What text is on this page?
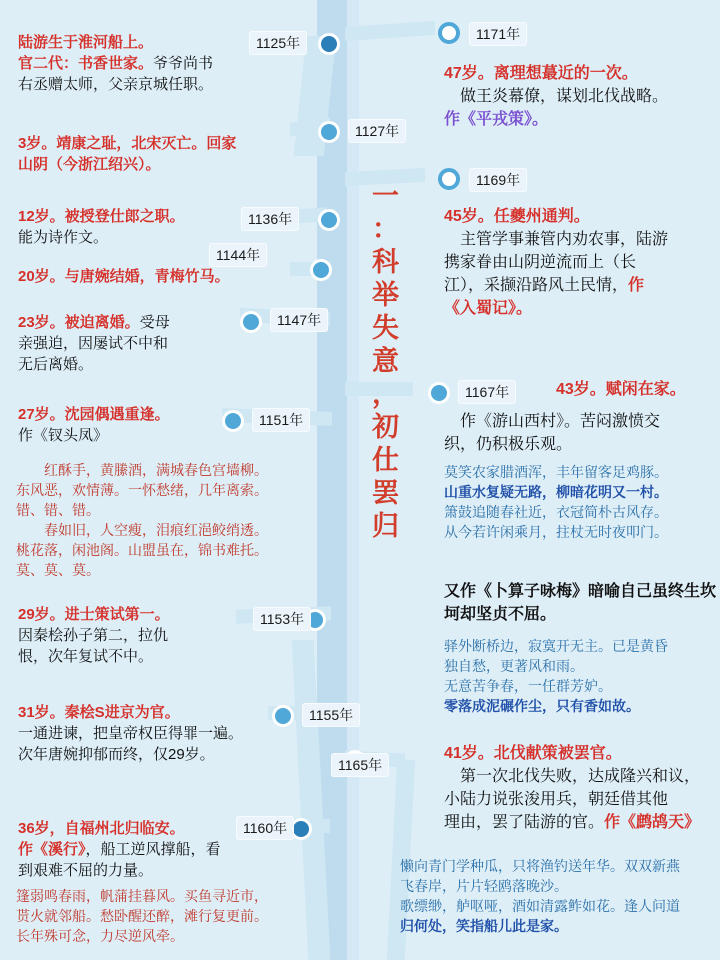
一
：
科
举
失
意
，
初
仕
罢
归
1125年
1127年
1136年
1144年
1147年
1151年
1153年
1155年
1160年
1171年
1169年
1167年
1165年

陆游生于淮河船上。

官二代：书香世家。爷爷尚书

右丞赠太师，父亲京城任职。

3岁。靖康之耻，北宋灭亡。回家

山阴（今浙江绍兴）。

12岁。被授登仕郎之职。

能为诗作文。

20岁。与唐婉结婚，青梅竹马。

23岁。被迫离婚。受母

亲强迫，因屡试不中和

无后离婚。

27岁。沈园偶遇重逢。

作《钗头凤》

红酥手，黄縢酒，满城春色宫墙柳。

东风恶，欢情薄。一怀愁绪，几年离索。

错、错、错。

春如旧，人空瘦，泪痕红浥鲛绡透。

桃花落，闲池阁。山盟虽在，锦书难托。

莫、莫、莫。

29岁。进士策试第一。

因秦桧孙子第二，拉仇

恨，次年复试不中。

31岁。秦桧S进京为官。

一通进谏，把皇帝权臣得罪一遍。

次年唐婉抑郁而终，仅29岁。

36岁，自福州北归临安。

作《溪行》，船工逆风撑船，看

到艰难不屈的力量。

篷弱鸣春雨，帆蒲挂暮风。买鱼寻近市，

贳火就邻船。愁卧醒还醉，滩行复更前。

长年殊可念，力尽逆风牵。

47岁。离理想蕞近的一次。

做王炎幕僚，谋划北伐战略。

作《平戎策》。

45岁。任夔州通判。

主管学事兼管内劝农事，陆游

携家眷由山阴逆流而上（长

江），采撷沿路风土民情，作

《入蜀记》。

43岁。赋闲在家。

作《游山西村》。苦闷激愤交

织，仍积极乐观。

莫笑农家腊酒浑，丰年留客足鸡豚。

山重水复疑无路，柳暗花明又一村。

箫鼓追随春社近，衣冠简朴古风存。

从今若许闲乘月，拄杖无时夜叩门。

又作《卜算子咏梅》暗喻自己虽终生坎坷却坚贞不屈。

驿外断桥边，寂寞开无主。已是黄昏

独自愁，更著风和雨。

无意苦争春，一任群芳妒。

零落成泥碾作尘，只有香如故。

41岁。北伐献策被罢官。

第一次北伐失败，达成隆兴和议，

小陆力说张浚用兵，朝廷借其他

理由，罢了陆游的官。作《鹧鸪天》

懒向青门学种瓜，只将渔钓送年华。双双新燕

飞春岸，片片轻鸥落晚沙。

歌缥缈，舻呕哑，酒如清露鲊如花。逢人问道

归何处，笑指船儿此是家。
